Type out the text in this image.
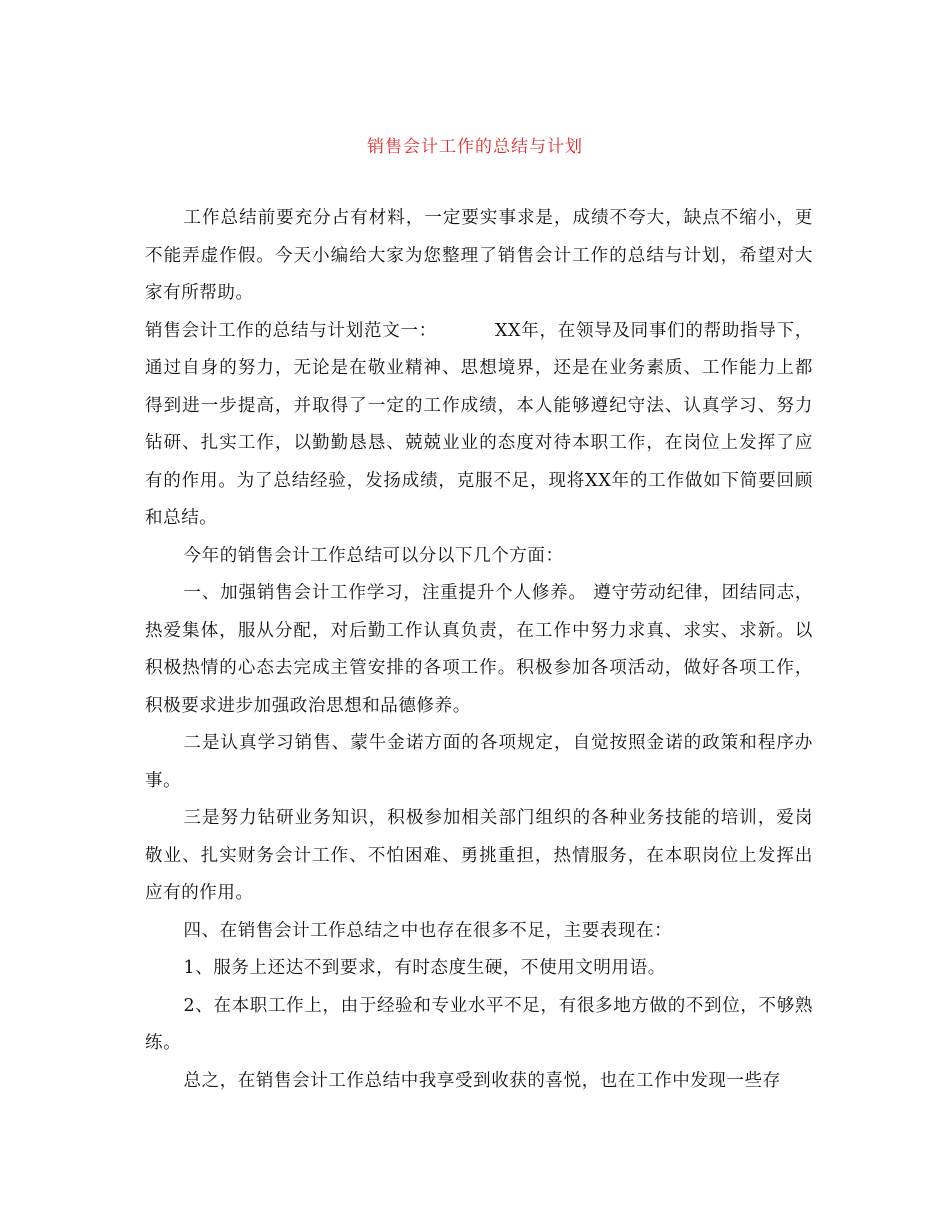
销售会计工作的总结与计划

工作总结前要充分占有材料，一定要实事求是，成绩不夸大，缺点不缩小，更不能弄虚作假。今天小编给大家为您整理了销售会计工作的总结与计划，希望对大家有所帮助。

销售会计工作的总结与计划范文一：	XX年，在领导及同事们的帮助指导下，通过自身的努力，无论是在敬业精神、思想境界，还是在业务素质、工作能力上都得到进一步提高，并取得了一定的工作成绩，本人能够遵纪守法、认真学习、努力钻研、扎实工作，以勤勤恳恳、兢兢业业的态度对待本职工作，在岗位上发挥了应有的作用。为了总结经验，发扬成绩，克服不足，现将XX年的工作做如下简要回顾和总结。

今年的销售会计工作总结可以分以下几个方面：

一、加强销售会计工作学习，注重提升个人修养。 遵守劳动纪律，团结同志，热爱集体，服从分配，对后勤工作认真负责，在工作中努力求真、求实、求新。以积极热情的心态去完成主管安排的各项工作。积极参加各项活动，做好各项工作，积极要求进步加强政治思想和品德修养。

二是认真学习销售、蒙牛金诺方面的各项规定，自觉按照金诺的政策和程序办事。

三是努力钻研业务知识，积极参加相关部门组织的各种业务技能的培训，爱岗敬业、扎实财务会计工作、不怕困难、勇挑重担，热情服务，在本职岗位上发挥出应有的作用。

四、在销售会计工作总结之中也存在很多不足，主要表现在：

1、服务上还达不到要求，有时态度生硬，不使用文明用语。

2、在本职工作上，由于经验和专业水平不足，有很多地方做的不到位，不够熟练。

总之，在销售会计工作总结中我享受到收获的喜悦，也在工作中发现一些存
